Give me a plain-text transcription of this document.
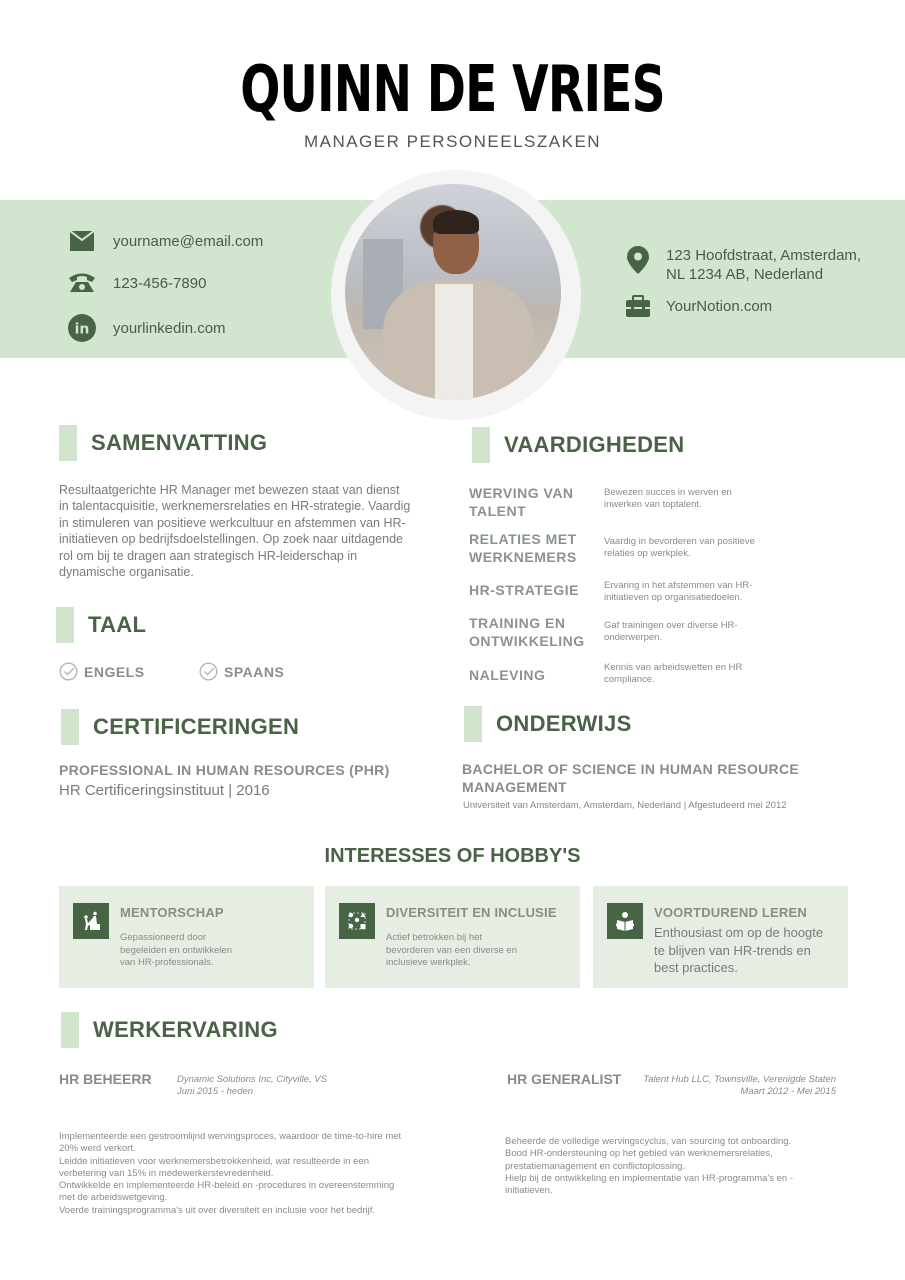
QUINN DE VRIES
MANAGER PERSONEELSZAKEN
yourname@email.com
123-456-7890
in yourlinkedin.com
123 Hoofdstraat, Amsterdam,
NL 1234 AB, Nederland
YourNotion.com
SAMENVATTING
Resultaatgerichte HR Manager met bewezen staat van dienst in talentacquisitie, werknemersrelaties en HR-strategie. Vaardig in stimuleren van positieve werkcultuur en afstemmen van HR-initiatieven op bedrijfsdoelstellingen. Op zoek naar uitdagende rol om bij te dragen aan strategisch HR-leiderschap in dynamische organisatie.
TAAL
ENGELS	SPAANS
CERTIFICERINGEN
PROFESSIONAL IN HUMAN RESOURCES (PHR)
HR Certificeringsinstituut | 2016
VAARDIGHEDEN
WERVING VAN TALENT
Bewezen succes in werven en inwerken van toptalent.
RELATIES MET WERKNEMERS
Vaardig in bevorderen van positieve relaties op werkplek.
HR-STRATEGIE	Ervaring in het afstemmen van HR-initiatieven op organisatiedoelen.
TRAINING EN ONTWIKKELING
Gaf trainingen over diverse HR-onderwerpen.
NALEVING	Kennis van arbeidswetten en HR compliance.
ONDERWIJS
BACHELOR OF SCIENCE IN HUMAN RESOURCE MANAGEMENT
Universiteit van Amsterdam, Amsterdam, Nederland | Afgestudeerd mei 2012
INTERESSES OF HOBBY'S
MENTORSCHAP
Gepassioneerd door begeleiden en ontwikkelen van HR-professionals.
DIVERSITEIT EN INCLUSIE
Actief betrokken bij het bevorderen van een diverse en inclusieve werkplek.
VOORTDUREND LEREN
Enthousiast om op de hoogte te blijven van HR-trends en best practices.
WERKERVARING
HR BEHEERR	Dynamic Solutions Inc, Cityville, VS
Juni 2015 - heden
Implementeerde een gestroomlijnd wervingsproces, waardoor de time-to-hire met 20% werd verkort.
Leidde initiatieven voor werknemersbetrokkenheid, wat resulteerde in een verbetering van 15% in medewerkerstevredenheid.
Ontwikkelde en implementeerde HR-beleid en -procedures in overeenstemming met de arbeidswetgeving.
Voerde trainingsprogramma's uit over diversiteit en inclusie voor het bedrijf.
HR GENERALIST	Talent Hub LLC, Townsville, Verenigde Staten
Maart 2012 - Mei 2015
Beheerde de volledige wervingscyclus, van sourcing tot onboarding.
Bood HR-ondersteuning op het gebied van werknemersrelaties, prestatiemanagement en conflictoplossing.
Hielp bij de ontwikkeling en implementatie van HR-programma's en -initiatieven.
